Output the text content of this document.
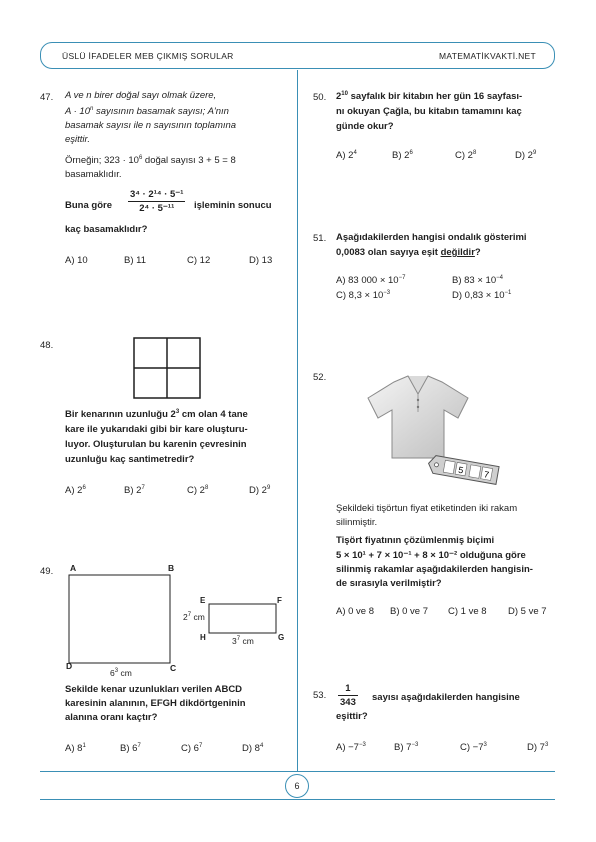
ÜSLÜ İFADELER MEB ÇIKMIŞ SORULAR	MATEMATİKVAKTİ.NET
6
47. A ve n birer doğal sayı olmak üzere,
$A \cdot 10^n$ sayısının basamak sayısı; A'nın
basamak sayısı ile n sayısının toplamına
eşittir.
Örneğin; $323 \cdot 10^6$ doğal sayısı 3 + 5 = 8
basamaklıdır.
Buna göre $\frac{\text{3⁴ · 2¹⁴ · 5⁻¹}}{\text{2⁴ · 5⁻¹¹}}$ işleminin sonucu
kaç basamaklıdır?
A) 10	B) 11	C) 12	D) 13
48.
Bir kenarının uzunluğu $2^3$ cm olan 4 tane
kare ile yukarıdaki gibi bir kare oluşturu-
luyor. Oluşturulan bu karenin çevresinin
uzunluğu kaç santimetredir?
A) $2^6$	B) $2^7$	C) $2^8$	D) $2^9$
49. A	B
D	C
$6^3$ cm
E	F
H	G
$2^7$ cm
$3^7$ cm
Sekilde kenar uzunlukları verilen ABCD
karesinin alanının, EFGH dikdörtgeninin
alanına oranı kaçtır?
A) $8^1$	B) $6^7$	C) $6^7$	D) $8^4$
50. $2^{10}$ sayfalık bir kitabın her gün 16 sayfası-
nı okuyan Çağla, bu kitabın tamamını kaç
günde okur?
A) $2^4$	B) $2^6$	C) $2^8$	D) $2^9$
51. Aşağıdakilerden hangisi ondalık gösterimi
0,0083 olan sayıya eşit değildir?
A) 83 $000 \times 10^{-7}$	B) $83 \times 10^{-4}$
C) $8,3 \times 10^{-3}$	D) $0,83 \times 10^{-1}$
52.
5 7
Şekildeki tişörtun fiyat etiketinden iki rakam
silinmiştir.
Tişört fiyatının çözümlenmiş biçimi
5 × 10¹ + 7 × 10⁻¹ + 8 × 10⁻² olduğuna göre
silinmiş rakamlar aşağıdakilerden hangisin-
de sırasıyla verilmiştir?
A) 0 ve 8 B) 0 ve 7 C) 1 ve 8 D) 5 ve 7
53. $\frac{1}{343}$ sayısı aşağıdakilerden hangisine
eşittir?
$A) -7^{-3}$	B) $7^{-3}$	$C) -7^3$	D) $7^3$
